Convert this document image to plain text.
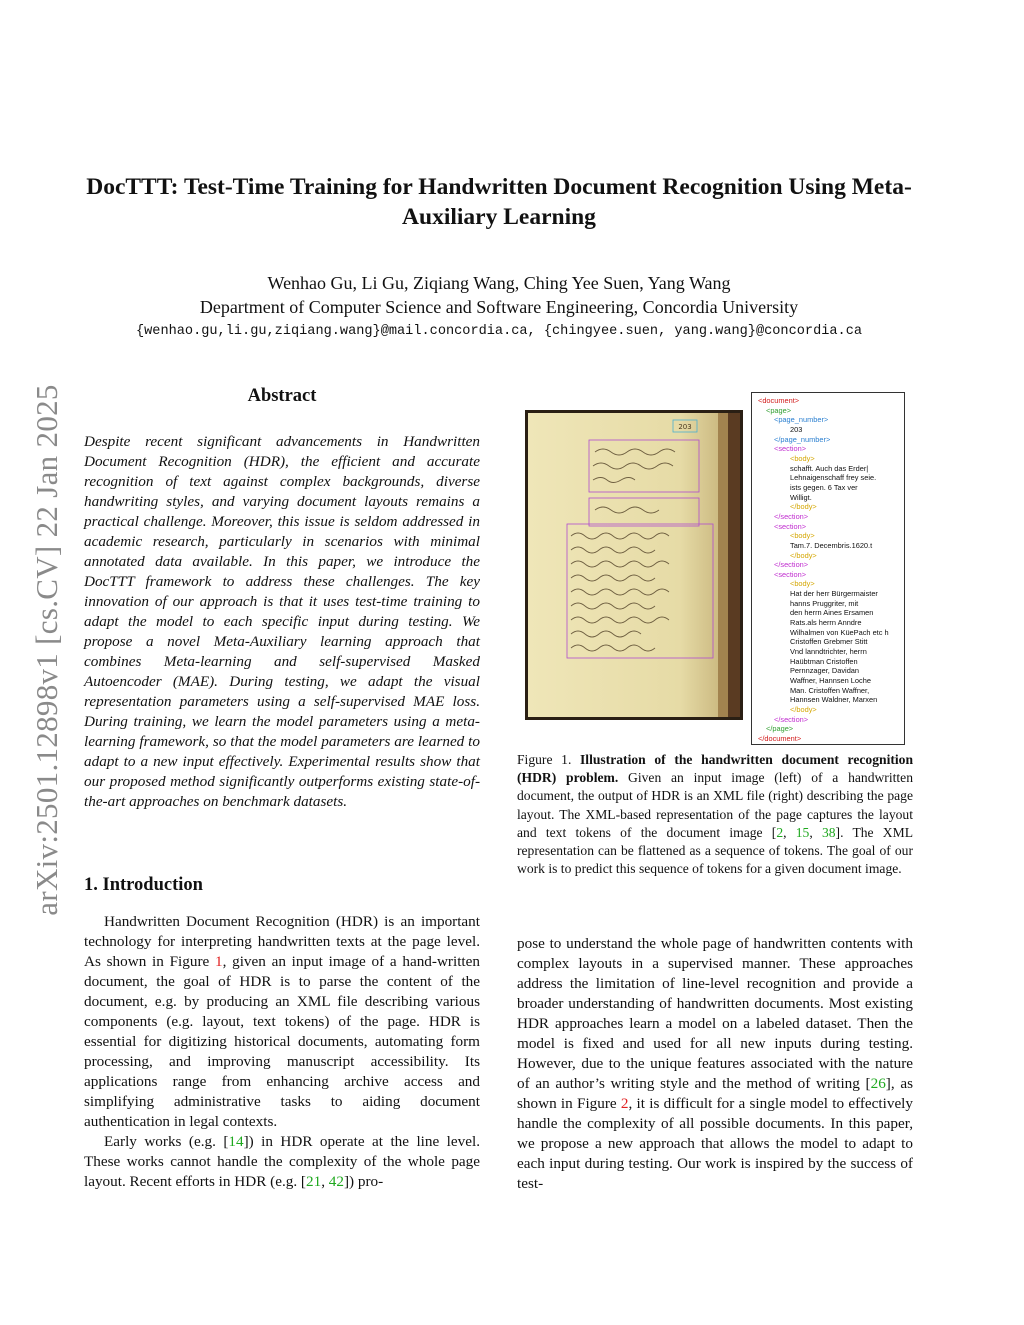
arXiv:2501.12898v1 [cs.CV] 22 Jan 2025
DocTTT: Test-Time Training for Handwritten Document Recognition Using Meta-Auxiliary Learning
Wenhao Gu, Li Gu, Ziqiang Wang, Ching Yee Suen, Yang Wang
Department of Computer Science and Software Engineering, Concordia University
{wenhao.gu,li.gu,ziqiang.wang}@mail.concordia.ca, {chingyee.suen, yang.wang}@concordia.ca
Abstract
Despite recent significant advancements in Handwritten Document Recognition (HDR), the efficient and accurate recognition of text against complex backgrounds, diverse handwriting styles, and varying document layouts remains a practical challenge. Moreover, this issue is seldom addressed in academic research, particularly in scenarios with minimal annotated data available. In this paper, we introduce the DocTTT framework to address these challenges. The key innovation of our approach is that it uses test-time training to adapt the model to each specific input during testing. We propose a novel Meta-Auxiliary learning approach that combines Meta-learning and self-supervised Masked Autoencoder (MAE). During testing, we adapt the visual representation parameters using a self-supervised MAE loss. During training, we learn the model parameters using a meta-learning framework, so that the model parameters are learned to adapt to a new input effectively. Experimental results show that our proposed method significantly outperforms existing state-of-the-art approaches on benchmark datasets.
1. Introduction

Handwritten Document Recognition (HDR) is an important technology for interpreting handwritten texts at the page level. As shown in Figure 1, given an input image of a hand-written document, the goal of HDR is to parse the content of the document, e.g. by producing an XML file describing various components (e.g. layout, text tokens) of the page. HDR is essential for digitizing historical documents, automating form processing, and improving manuscript accessibility. Its applications range from enhancing archive access and simplifying administrative tasks to aiding document authentication in legal contexts.

Early works (e.g. [14]) in HDR operate at the line level. These works cannot handle the complexity of the whole page layout. Recent efforts in HDR (e.g. [21, 42]) pro-

pose to understand the whole page of handwritten contents with complex layouts in a supervised manner. These approaches address the limitation of line-level recognition and provide a broader understanding of handwritten documents. Most existing HDR approaches learn a model on a labeled dataset. Then the model is fixed and used for all new inputs during testing. However, due to the unique features associated with the nature of an author’s writing style and the method of writing [26], as shown in Figure 2, it is difficult for a single model to effectively handle the complexity of all possible documents. In this paper, we propose a new approach that allows the model to adapt to each input during testing. Our work is inspired by the success of test-

203
<document>
<page>
<page_number>
203
</page_number>
<section>
<body>
schafft. Auch das Erder|
Lehnaigenschaff frey seie.
ists gegen. 6 Tax ver
Willigt.
</body>
</section>
<section>
<body>
Tam.7. Decembris.1620.t
</body>
</section>
<section>
<body>
Hat der herr Bürgermaister
hanns Pruggriter, mit
den herrn Aines Ersamen
Rats.als herrn Anndre
Wilhalmen von KüePach etc h
Cristoffen Grebmer Stitt
Vnd lanndtrichter, herrn
Haübtman Cristoffen
Pernnzager, Davidan
Waffner, Hannsen Loche
Man. Cristoffen Waffner,
Hannsen Waldner, Marxen
</body>
</section>
</page>
</document>
Figure 1. Illustration of the handwritten document recognition (HDR) problem. Given an input image (left) of a handwritten document, the output of HDR is an XML file (right) describing the page layout. The XML-based representation of the page captures the layout and text tokens of the document image [2, 15, 38]. The XML representation can be flattened as a sequence of tokens. The goal of our work is to predict this sequence of tokens for a given document image.
